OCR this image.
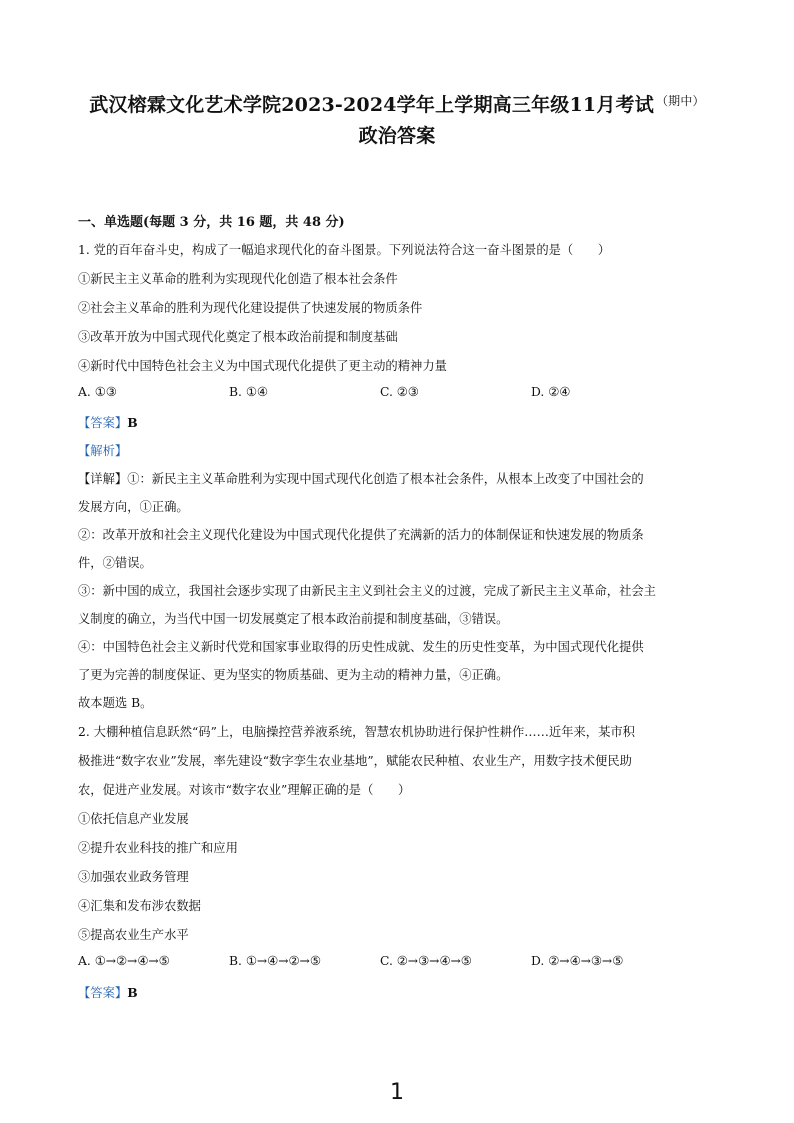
武汉榕霖文化艺术学院2023-2024学年上学期高三年级11月考试 $^{(期中)}$
政治答案
一、单选题(每题 3 分，共 16 题，共 48 分)
1. 党的百年奋斗史，构成了一幅追求现代化的奋斗图景。下列说法符合这一奋斗图景的是（　　）
①新民主主义革命的胜利为实现现代化创造了根本社会条件
②社会主义革命的胜利为现代化建设提供了快速发展的物质条件
③改革开放为中国式现代化奠定了根本政治前提和制度基础
④新时代中国特色社会主义为中国式现代化提供了更主动的精神力量
A. ①③	B. ①④	C. ②③	D. ②④
【答案】B
【解析】
【详解】①：新民主主义革命胜利为实现中国式现代化创造了根本社会条件，从根本上改变了中国社会的
发展方向，①正确。
②：改革开放和社会主义现代化建设为中国式现代化提供了充满新的活力的体制保证和快速发展的物质条
件，②错误。
③：新中国的成立，我国社会逐步实现了由新民主主义到社会主义的过渡，完成了新民主主义革命，社会主
义制度的确立，为当代中国一切发展奠定了根本政治前提和制度基础，③错误。
④：中国特色社会主义新时代党和国家事业取得的历史性成就、发生的历史性变革，为中国式现代化提供
了更为完善的制度保证、更为坚实的物质基础、更为主动的精神力量，④正确。
故本题选 B。
2. 大棚种植信息跃然“码”上，电脑操控营养液系统，智慧农机协助进行保护性耕作……近年来，某市积
极推进“数字农业”发展，率先建设“数字孪生农业基地”，赋能农民种植、农业生产，用数字技术便民助
农，促进产业发展。对该市“数字农业”理解正确的是（　　）
①依托信息产业发展
②提升农业科技的推广和应用
③加强农业政务管理
④汇集和发布涉农数据
⑤提高农业生产水平
A. ①→②→④→⑤	B. ①→④→②→⑤	C. ②→③→④→⑤	D. ②→④→③→⑤
【答案】B
1
